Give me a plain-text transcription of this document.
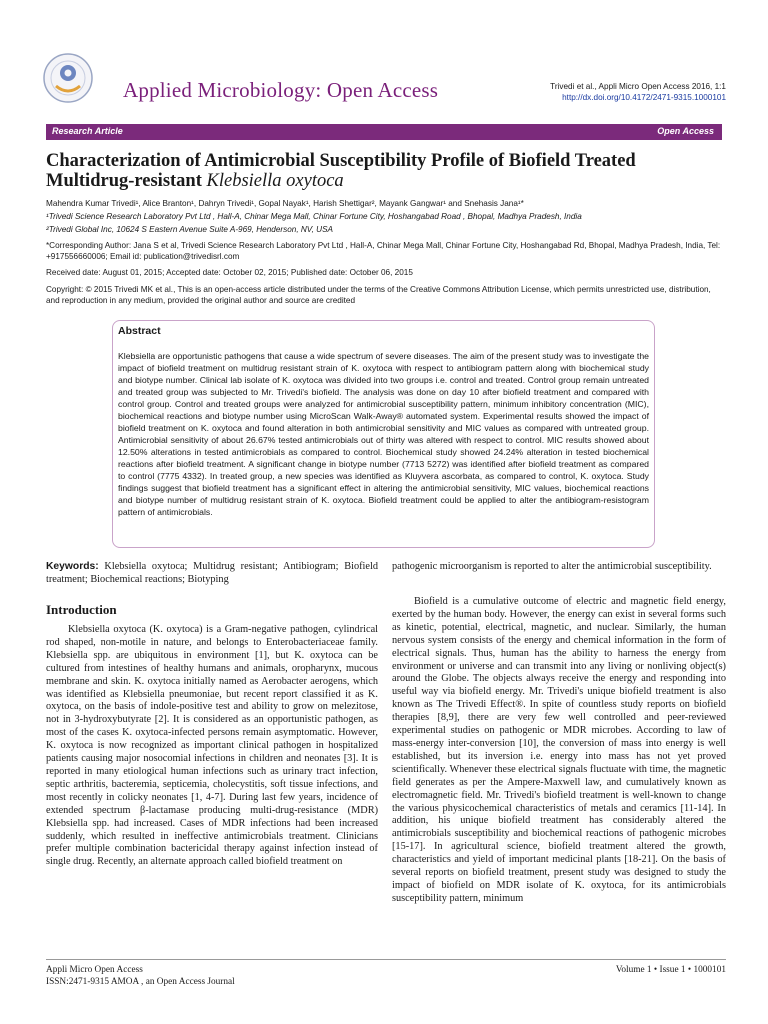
Applied Microbiology: Open Access	Trivedi et al., Appli Micro Open Access 2016, 1:1
http://dx.doi.org/10.4172/2471-9315.1000101
Research Article	Open Access
Characterization of Antimicrobial Susceptibility Profile of Biofield Treated
Multidrug-resistant Klebsiella oxytoca
Mahendra Kumar Trivedi¹, Alice Branton¹, Dahryn Trivedi¹, Gopal Nayak¹, Harish Shettigar², Mayank Gangwar¹ and Snehasis Jana¹*
¹Trivedi Science Research Laboratory Pvt Ltd , Hall-A, Chinar Mega Mall, Chinar Fortune City, Hoshangabad Road , Bhopal, Madhya Pradesh, India
²Trivedi Global Inc, 10624 S Eastern Avenue Suite A-969, Henderson, NV, USA
*Corresponding Author: Jana S et al, Trivedi Science Research Laboratory Pvt Ltd , Hall-A, Chinar Mega Mall, Chinar Fortune City, Hoshangabad Rd, Bhopal, Madhya Pradesh, India, Tel: +917556660006; Email id: publication@trivedisrl.com
Received date: August 01, 2015; Accepted date: October 02, 2015; Published date: October 06, 2015
Copyright: © 2015 Trivedi MK et al., This is an open-access article distributed under the terms of the Creative Commons Attribution License, which permits unrestricted use, distribution, and reproduction in any medium, provided the original author and source are credited
Abstract
Klebsiella are opportunistic pathogens that cause a wide spectrum of severe diseases. The aim of the present study was to investigate the impact of biofield treatment on multidrug resistant strain of K. oxytoca with respect to antibiogram pattern along with biochemical study and biotype number. Clinical lab isolate of K. oxytoca was divided into two groups i.e. control and treated. Control group remain untreated and treated group was subjected to Mr. Trivedi's biofield. The analysis was done on day 10 after biofield treatment and compared with control group. Control and treated groups were analyzed for antimicrobial susceptibility pattern, minimum inhibitory concentration (MIC), biochemical reactions and biotype number using MicroScan Walk-Away® automated system. Experimental results showed the impact of biofield treatment on K. oxytoca and found alteration in both antimicrobial sensitivity and MIC values as compared with untreated group. Antimicrobial sensitivity of about 26.67% tested antimicrobials out of thirty was altered with respect to control. MIC results showed about 12.50% alterations in tested antimicrobials as compared to control. Biochemical study showed 24.24% alteration in tested biochemical reactions after biofield treatment. A significant change in biotype number (7713 5272) was identified after biofield treatment as compared to control (7775 4332). In treated group, a new species was identified as Kluyvera ascorbata, as compared to control, K. oxytoca. Study findings suggest that biofield treatment has a significant effect in altering the antimicrobial sensitivity, MIC values, biochemical reactions and biotype number of multidrug resistant strain of K. oxytoca. Biofield treatment could be applied to alter the antibiogram-resistogram pattern of antimicrobials.
Keywords: Klebsiella oxytoca; Multidrug resistant; Antibiogram; Biofield treatment; Biochemical reactions; Biotyping
Introduction
Klebsiella oxytoca (K. oxytoca) is a Gram-negative pathogen, cylindrical rod shaped, non-motile in nature, and belongs to Enterobacteriaceae family. Klebsiella spp. are ubiquitous in environment [1], but K. oxytoca can be cultured from intestines of healthy humans and animals, oropharynx, mucous membrane and skin. K. oxytoca initially named as Aerobacter aerogens, which was identified as Klebsiella pneumoniae, but recent report classified it as K. oxytoca, on the basis of indole-positive test and ability to grow on melezitose, not in 3-hydroxybutyrate [2]. It is considered as an opportunistic pathogen, as most of the cases K. oxytoca-infected persons remain asymptomatic. However, K. oxytoca is now recognized as important clinical pathogen in hospitalized patients causing major nosocomial infections in children and neonates [3]. It is reported in many etiological human infections such as urinary tract infection, septic arthritis, bacteremia, septicemia, cholecystitis, soft tissue infections, and most recently in colicky neonates [1, 4-7]. During last few years, incidence of extended spectrum β-lactamase producing multi-drug-resistance (MDR) Klebsiella spp. had increased. Cases of MDR infections had been increased suddenly, which resulted in ineffective antimicrobials treatment. Clinicians prefer multiple combination bactericidal therapy against infection instead of single drug. Recently, an alternate approach called biofield treatment on
pathogenic microorganism is reported to alter the antimicrobial susceptibility.
Biofield is a cumulative outcome of electric and magnetic field energy, exerted by the human body. However, the energy can exist in several forms such as kinetic, potential, electrical, magnetic, and nuclear. Similarly, the human nervous system consists of the energy and chemical information in the form of electrical signals. Thus, human has the ability to harness the energy from environment or universe and can transmit into any living or nonliving object(s) around the Globe. The objects always receive the energy and responding into useful way via biofield energy. Mr. Trivedi's unique biofield treatment is also known as The Trivedi Effect®. In spite of countless study reports on biofield therapies [8,9], there are very few well controlled and peer-reviewed experimental studies on pathogenic or MDR microbes. According to law of mass-energy inter-conversion [10], the conversion of mass into energy is well established, but its inversion i.e. energy into mass has not yet proved scientifically. Whenever these electrical signals fluctuate with time, the magnetic field generates as per the Ampere-Maxwell law, and cumulatively known as electromagnetic field. Mr. Trivedi's biofield treatment is well-known to change the various physicochemical characteristics of metals and ceramics [11-14]. In addition, his unique biofield treatment has considerably altered the antimicrobials susceptibility and biochemical reactions of pathogenic microbes [15-17]. In agricultural science, biofield treatment altered the growth, characteristics and yield of important medicinal plants [18-21]. On the basis of several reports on biofield treatment, present study was designed to study the impact of biofield on MDR isolate of K. oxytoca, for its antimicrobials susceptibility pattern, minimum
Appli Micro Open Access
ISSN:2471-9315 AMOA , an Open Access Journal
Volume 1 • Issue 1 • 1000101
